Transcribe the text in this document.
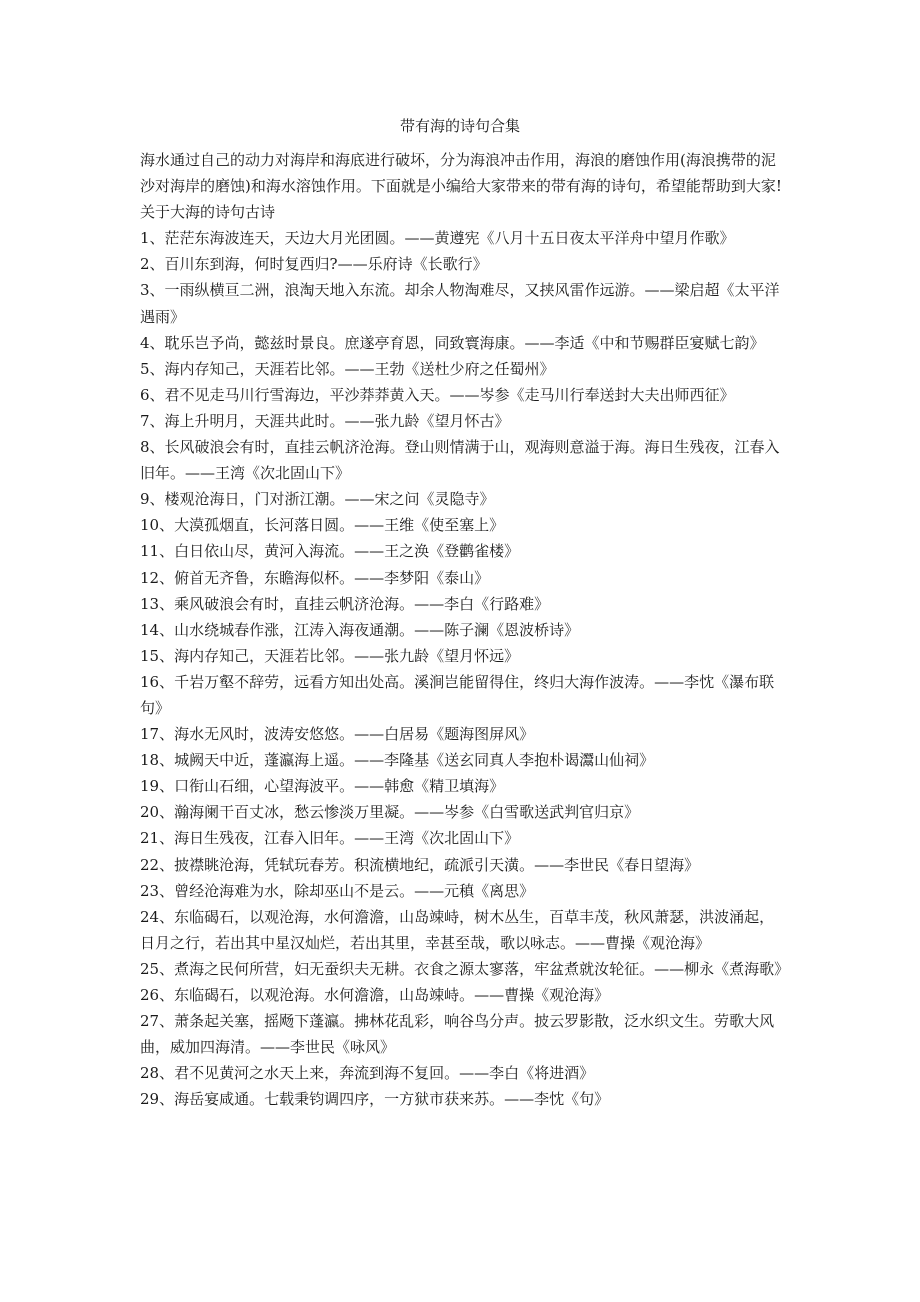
带有海的诗句合集

海水通过自己的动力对海岸和海底进行破坏，分为海浪冲击作用，海浪的磨蚀作用(海浪携带的泥沙对海岸的磨蚀)和海水溶蚀作用。下面就是小编给大家带来的带有海的诗句，希望能帮助到大家!

关于大海的诗句古诗

1、茫茫东海波连天，天边大月光团圆。——黄遵宪《八月十五日夜太平洋舟中望月作歌》
2、百川东到海，何时复西归?——乐府诗《长歌行》
3、一雨纵横亘二洲，浪淘天地入东流。却余人物淘难尽，又挟风雷作远游。——梁启超《太平洋遇雨》
4、耽乐岂予尚，懿兹时景良。庶遂亭育恩，同致寰海康。——李适《中和节赐群臣宴赋七韵》
5、海内存知己，天涯若比邻。——王勃《送杜少府之任蜀州》
6、君不见走马川行雪海边，平沙莽莽黄入天。——岑参《走马川行奉送封大夫出师西征》
7、海上升明月，天涯共此时。——张九龄《望月怀古》
8、长风破浪会有时，直挂云帆济沧海。登山则情满于山，观海则意溢于海。海日生残夜，江春入旧年。——王湾《次北固山下》
9、楼观沧海日，门对浙江潮。——宋之问《灵隐寺》
10、大漠孤烟直，长河落日圆。——王维《使至塞上》
11、白日依山尽，黄河入海流。——王之涣《登鹳雀楼》
12、俯首无齐鲁，东瞻海似杯。——李梦阳《泰山》
13、乘风破浪会有时，直挂云帆济沧海。——李白《行路难》
14、山水绕城春作涨，江涛入海夜通潮。——陈子澜《恩波桥诗》
15、海内存知己，天涯若比邻。——张九龄《望月怀远》
16、千岩万壑不辞劳，远看方知出处高。溪涧岂能留得住，终归大海作波涛。——李忱《瀑布联句》
17、海水无风时，波涛安悠悠。——白居易《题海图屏风》
18、城阙天中近，蓬瀛海上遥。——李隆基《送玄同真人李抱朴谒灊山仙祠》
19、口衔山石细，心望海波平。——韩愈《精卫填海》
20、瀚海阑干百丈冰，愁云惨淡万里凝。——岑参《白雪歌送武判官归京》
21、海日生残夜，江春入旧年。——王湾《次北固山下》
22、披襟眺沧海，凭轼玩春芳。积流横地纪，疏派引天潢。——李世民《春日望海》
23、曾经沧海难为水，除却巫山不是云。——元稹《离思》
24、东临碣石，以观沧海，水何澹澹，山岛竦峙，树木丛生，百草丰茂，秋风萧瑟，洪波涌起，日月之行，若出其中星汉灿烂，若出其里，幸甚至哉，歌以咏志。——曹操《观沧海》
25、煮海之民何所营，妇无蚕织夫无耕。衣食之源太寥落，牢盆煮就汝轮征。——柳永《煮海歌》
26、东临碣石，以观沧海。水何澹澹，山岛竦峙。——曹操《观沧海》
27、萧条起关塞，摇飏下蓬瀛。拂林花乱彩，响谷鸟分声。披云罗影散，泛水织文生。劳歌大风曲，威加四海清。——李世民《咏风》
28、君不见黄河之水天上来，奔流到海不复回。——李白《将进酒》
29、海岳宴咸通。七载秉钧调四序，一方狱市获来苏。——李忱《句》
